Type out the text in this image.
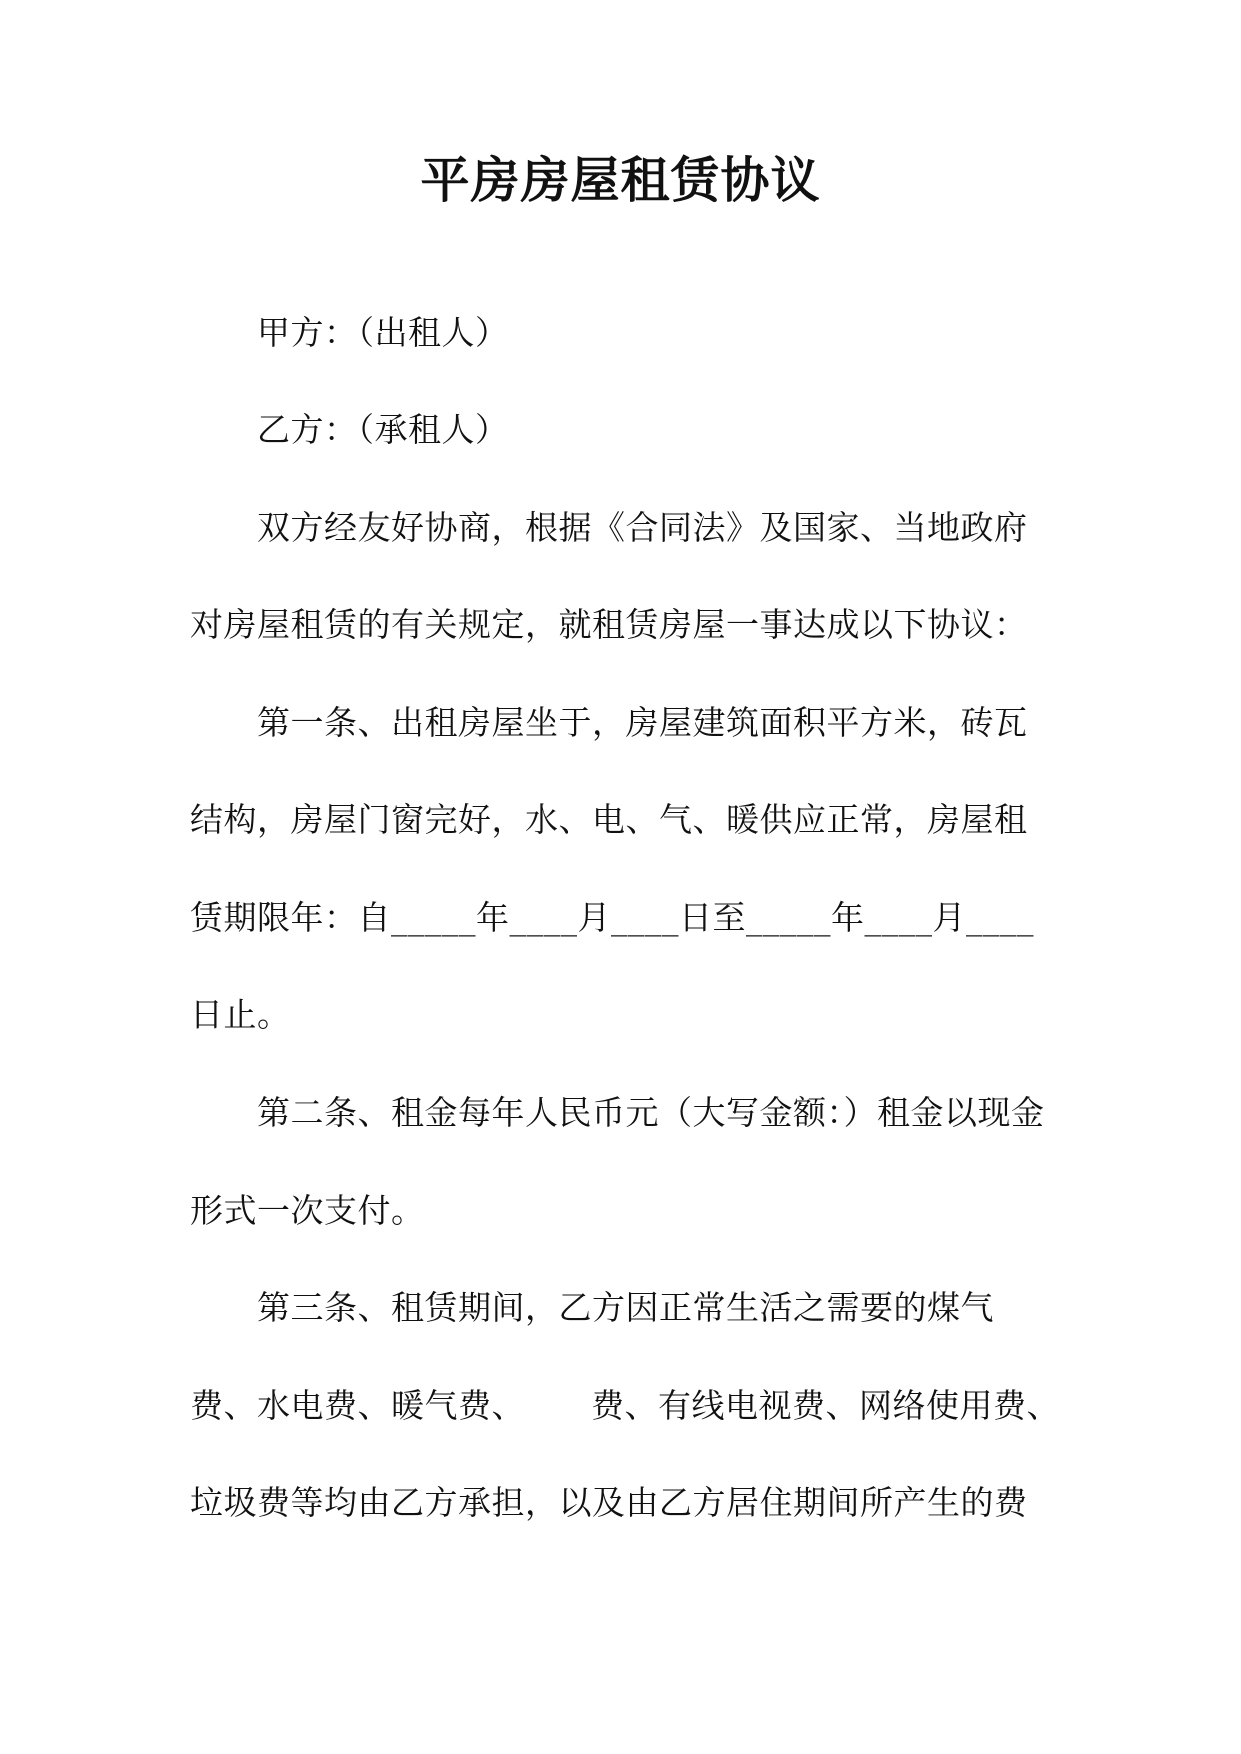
平房房屋租赁协议
甲方：（出租人）
乙方：（承租人）
双方经友好协商，根据《合同法》及国家、当地政府
对房屋租赁的有关规定，就租赁房屋一事达成以下协议：
第一条、出租房屋坐于，房屋建筑面积平方米，砖瓦
结构，房屋门窗完好，水、电、气、暖供应正常，房屋租
赁期限年：自_____年____月____日至_____年____月____
日止。
第二条、租金每年人民币元（大写金额：）租金以现金
形式一次支付。
第三条、租赁期间，乙方因正常生活之需要的煤气
费、水电费、暖气费、      费、有线电视费、网络使用费、
垃圾费等均由乙方承担，以及由乙方居住期间所产生的费
